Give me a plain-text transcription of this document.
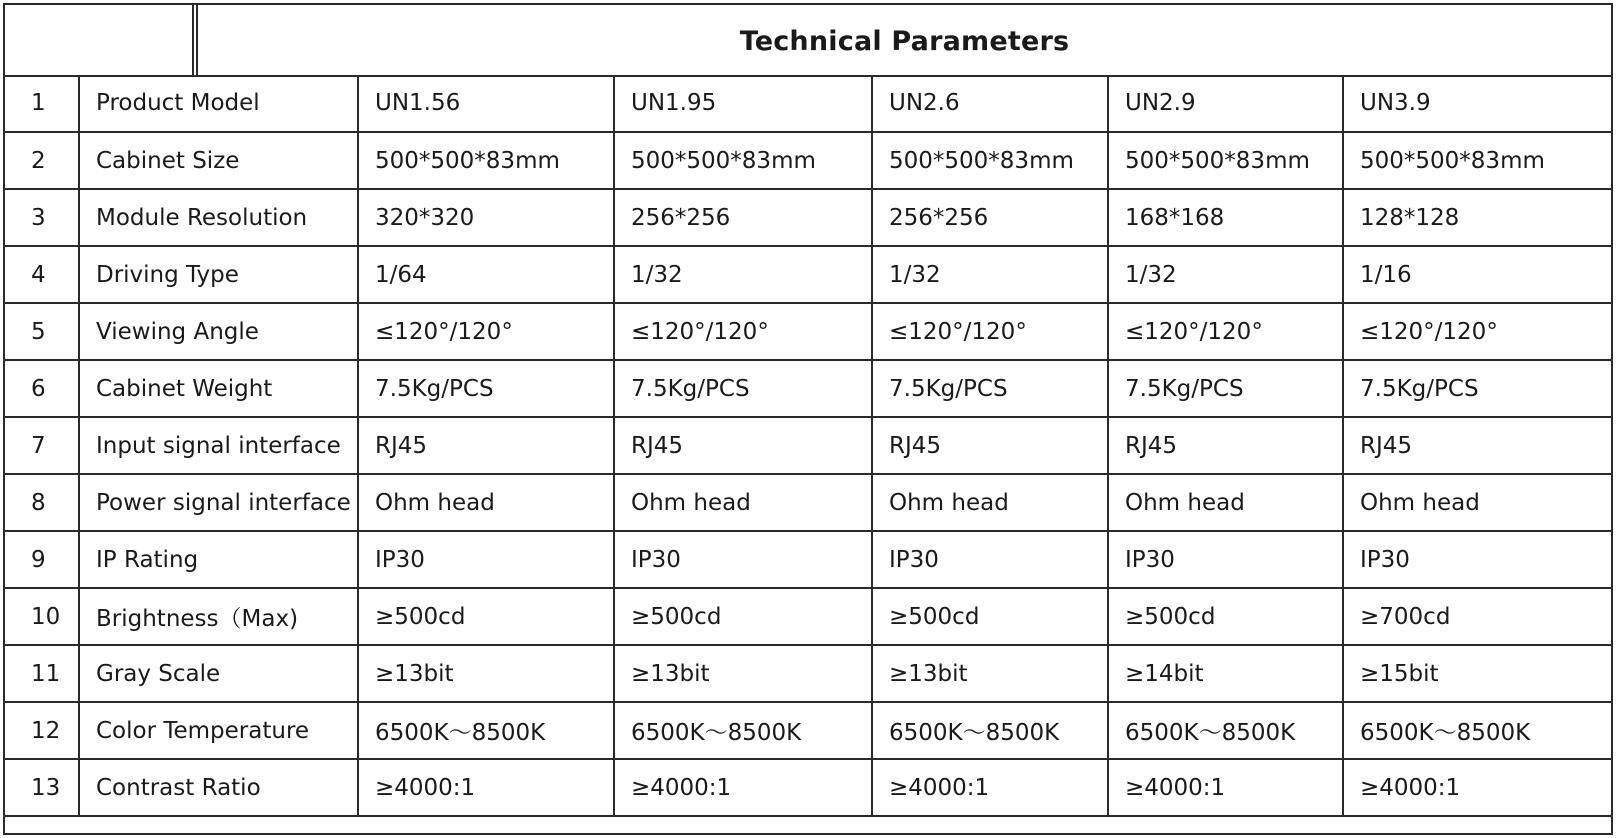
Technical Parameters
1	Product Model	UN1.56	UN1.95	UN2.6	UN2.9	UN3.9
2	Cabinet Size	500*500*83mm	500*500*83mm	500*500*83mm	500*500*83mm	500*500*83mm
3	Module Resolution	320*320	256*256	256*256	168*168	128*128
4	Driving Type	1/64	1/32	1/32	1/32	1/16
5	Viewing Angle	≤120°/120°	≤120°/120°	≤120°/120°	≤120°/120°	≤120°/120°
6	Cabinet Weight	7.5Kg/PCS	7.5Kg/PCS	7.5Kg/PCS	7.5Kg/PCS	7.5Kg/PCS
7	Input signal interface	RJ45	RJ45	RJ45	RJ45	RJ45
8	Power signal interface	Ohm head	Ohm head	Ohm head	Ohm head	Ohm head
9	IP Rating	IP30	IP30	IP30	IP30	IP30
10	Brightness（Max)	≥500cd	≥500cd	≥500cd	≥500cd	≥700cd
11	Gray Scale	≥13bit	≥13bit	≥13bit	≥14bit	≥15bit
12	Color Temperature	6500K～8500K	6500K～8500K	6500K～8500K	6500K～8500K	6500K～8500K
13	Contrast Ratio	≥4000:1	≥4000:1	≥4000:1	≥4000:1	≥4000:1
